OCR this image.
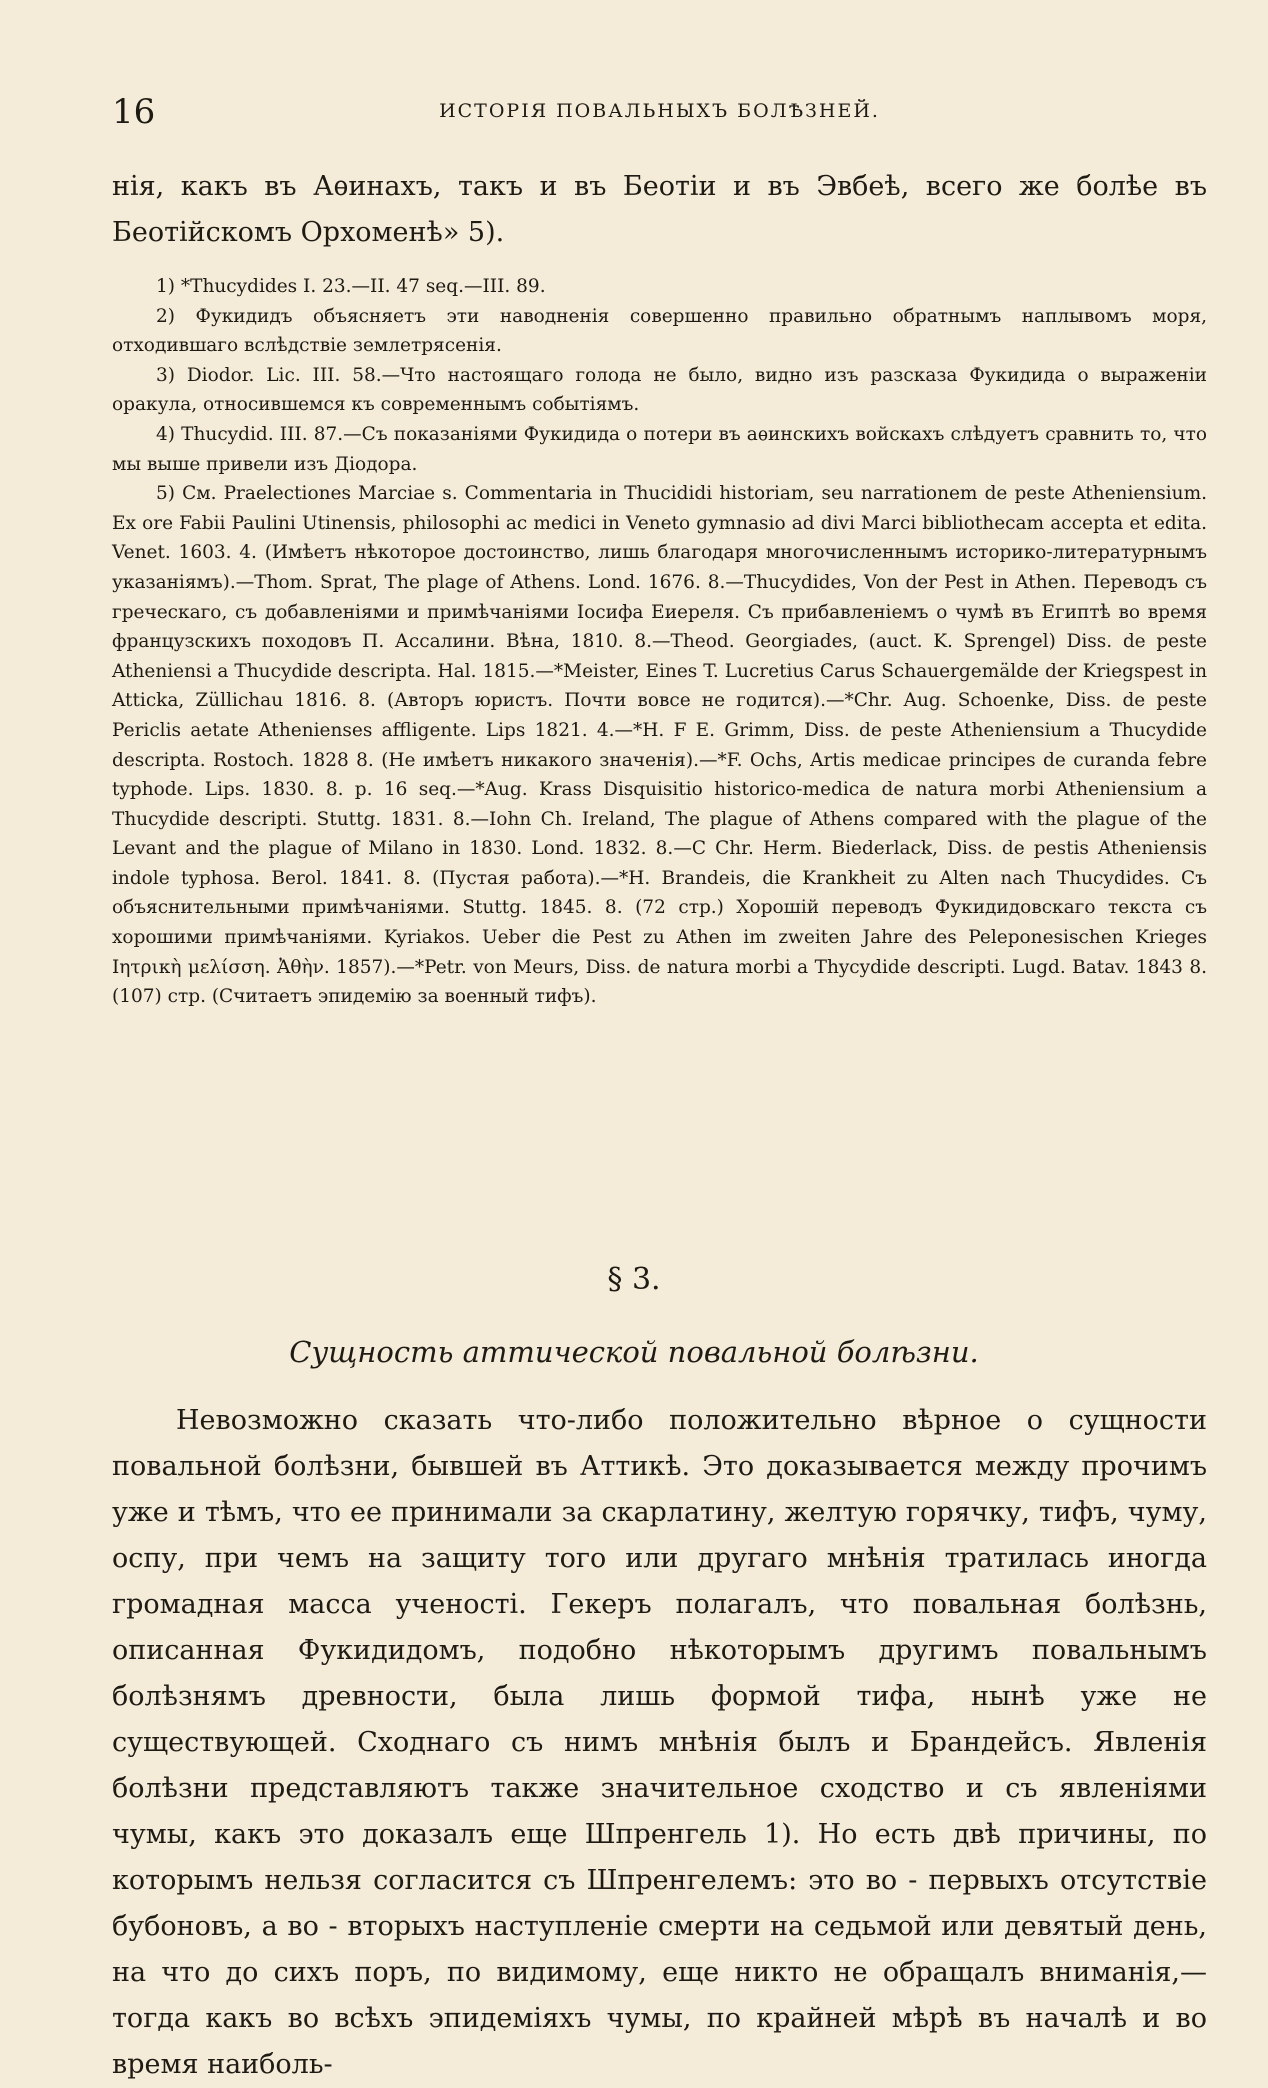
16	ИСТОРІЯ ПОВАЛЬНЫХЪ БОЛѢЗНЕЙ.

нія, какъ въ Аѳинахъ, такъ и въ Беотіи и въ Эвбеѣ, всего же болѣе въ Беотійскомъ Орхоменѣ» 5).

1) *Thucydides I. 23.—II. 47 seq.—III. 89.

2) Фукидидъ объясняетъ эти наводненія совершенно правильно обратнымъ наплывомъ моря, отходившаго вслѣдствіе землетрясенія.

3) Diodor. Lic. III. 58.—Что настоящаго голода не было, видно изъ разсказа Фукидида о выраженіи оракула, относившемся къ современнымъ событіямъ.

4) Thucydid. III. 87.—Съ показаніями Фукидида о потери въ аѳинскихъ войскахъ слѣдуетъ сравнить то, что мы выше привели изъ Діодора.

5) См. Praelectiones Marciae s. Commentaria in Thucididi historiam, seu narrationem de peste Atheniensium. Ex ore Fabii Paulini Utinensis, philosophi ac medici in Veneto gymnasio ad divi Marci bibliothecam accepta et edita. Venet. 1603. 4. (Имѣетъ нѣкоторое достоинство, лишь благодаря многочисленнымъ историко-литературнымъ указаніямъ).—Thom. Sprat, The plage of Athens. Lond. 1676. 8.—Thucydides, Von der Pest in Athen. Переводъ съ греческаго, съ добавленіями и примѣчаніями Іосифа Еиереля. Съ прибавленіемъ о чумѣ въ Египтѣ во время французскихъ походовъ П. Ассалини. Вѣна, 1810. 8.—Theod. Georgiades, (auct. K. Sprengel) Diss. de peste Atheniensi a Thucydide descripta. Hal. 1815.—*Meister, Eines T. Lucretius Carus Schauergemälde der Kriegspest in Atticka, Züllichau 1816. 8. (Авторъ юристъ. Почти вовсе не годится).—*Chr. Aug. Schoenke, Diss. de peste Periclis aetate Athenienses affligente. Lips 1821. 4.—*H. F E. Grimm, Diss. de peste Atheniensium a Thucydide descripta. Rostoch. 1828 8. (Не имѣетъ никакого значенія).—*F. Ochs, Artis medicae principes de curanda febre typhode. Lips. 1830. 8. p. 16 seq.—*Aug. Krass Disquisitio historico-medica de natura morbi Atheniensium a Thucydide descripti. Stuttg. 1831. 8.—Iohn Ch. Ireland, The plague of Athens compared with the plague of the Levant and the plague of Milano in 1830. Lond. 1832. 8.—C Chr. Herm. Biederlack, Diss. de pestis Atheniensis indole typhosa. Berol. 1841. 8. (Пустая работа).—*H. Brandeis, die Krankheit zu Alten nach Thucydides. Съ объяснительными примѣчаніями. Stuttg. 1845. 8. (72 стр.) Хорошій переводъ Фукидидовскаго текста съ хорошими примѣчаніями. Kyriakos. Ueber die Pest zu Athen im zweiten Jahre des Peleponesischen Krieges Ιητρικὴ μελίσση. Ἀθὴν. 1857).—*Petr. von Meurs, Diss. de natura morbi a Thycydide descripti. Lugd. Batav. 1843 8. (107) стр. (Считаетъ эпидемію за военный тифъ).

§ 3.
Сущность аттической повальной болѣзни.

Невозможно сказать что-либо положительно вѣрное о сущности повальной болѣзни, бывшей въ Аттикѣ. Это доказывается между прочимъ уже и тѣмъ, что ее принимали за скарлатину, желтую горячку, тифъ, чуму, оспу, при чемъ на защиту того или другаго мнѣнія тратилась иногда громадная масса ученостi. Гекеръ полагалъ, что повальная болѣзнь, описанная Фукидидомъ, подобно нѣкоторымъ другимъ повальнымъ болѣзнямъ древности, была лишь формой тифа, нынѣ уже не существующей. Сходнаго съ нимъ мнѣнія былъ и Брандейсъ. Явленія болѣзни представляютъ также значительное сходство и съ явленіями чумы, какъ это доказалъ еще Шпренгель 1). Но есть двѣ причины, по которымъ нельзя согласится съ Шпренгелемъ: это во - первыхъ отсутствіе бубоновъ, а во - вторыхъ наступленіе смерти на седьмой или девятый день, на что до сихъ поръ, по видимому, еще никто не обращалъ вниманія,—тогда какъ во всѣхъ эпидеміяхъ чумы, по крайней мѣрѣ въ началѣ и во время наиболь-
